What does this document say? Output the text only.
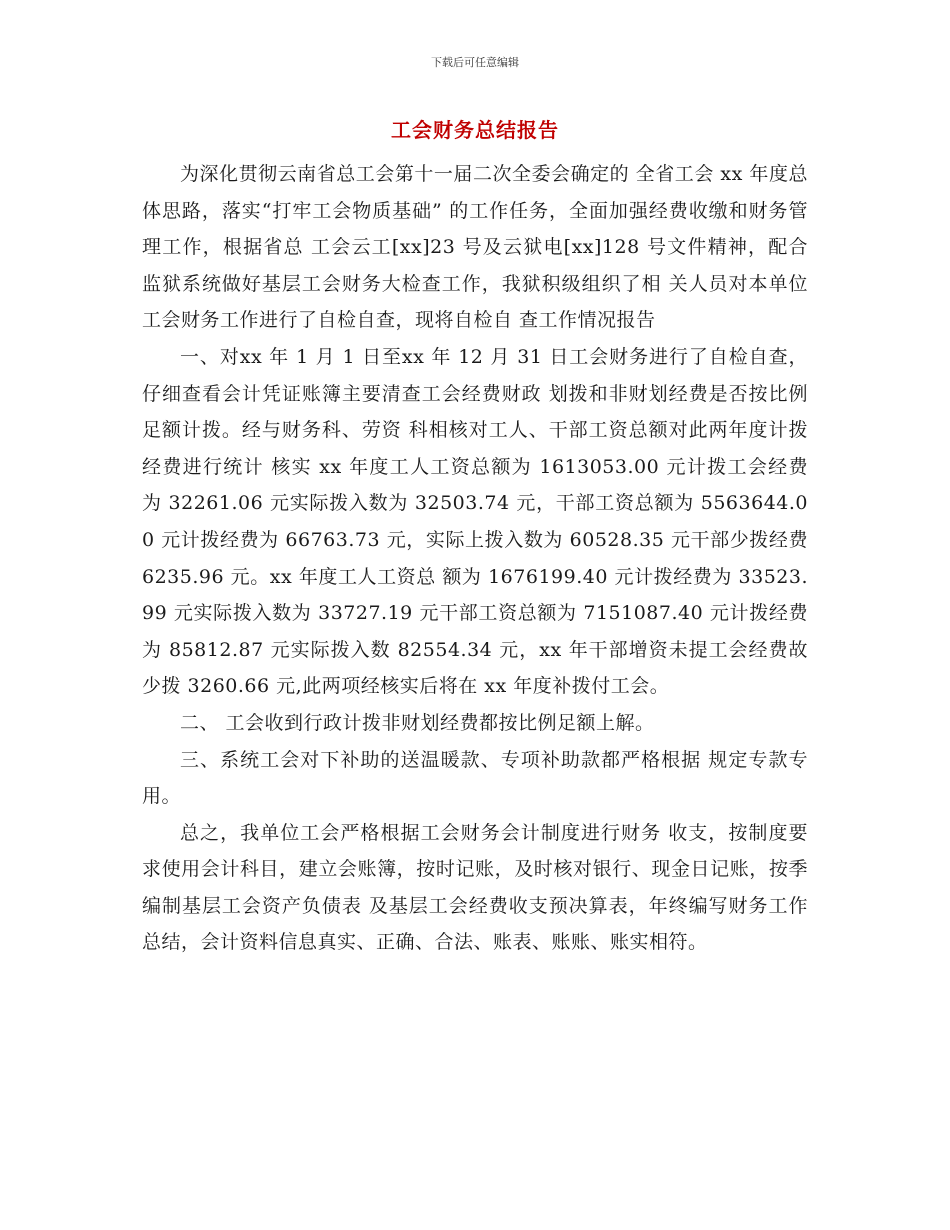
下载后可任意编辑
工会财务总结报告

为深化贯彻云南省总工会第十一届二次全委会确定的 全省工会 xx 年度总体思路，落实“打牢工会物质基础” 的工作任务，全面加强经费收缴和财务管理工作，根据省总 工会云工[xx]23 号及云狱电[xx]128 号文件精神，配合 监狱系统做好基层工会财务大检查工作，我狱积级组织了相 关人员对本单位工会财务工作进行了自检自查，现将自检自 查工作情况报告

一、对xx 年 1 月 1 日至xx 年 12 月 31 日工会财务进行了自检自查，仔细查看会计凭证账簿主要清查工会经费财政 划拨和非财划经费是否按比例足额计拨。经与财务科、劳资 科相核对工人、干部工资总额对此两年度计拨经费进行统计 核实 xx 年度工人工资总额为 1613053.00 元计拨工会经费 为 32261.06 元实际拨入数为 32503.74 元，干部工资总额为 5563644.00 元计拨经费为 66763.73 元，实际上拨入数为 60528.35 元干部少拨经费 6235.96 元。xx 年度工人工资总 额为 1676199.40 元计拨经费为 33523.99 元实际拨入数为 33727.19 元干部工资总额为 7151087.40 元计拨经费为 85812.87 元实际拨入数 82554.34 元，xx 年干部增资未提工会经费故少拨 3260.66 元,此两项经核实后将在 xx 年度补拨付工会。

二、 工会收到行政计拨非财划经费都按比例足额上解。

三、系统工会对下补助的送温暖款、专项补助款都严格根据 规定专款专用。

总之，我单位工会严格根据工会财务会计制度进行财务 收支，按制度要求使用会计科目，建立会账簿，按时记账，及时核对银行、现金日记账，按季编制基层工会资产负债表 及基层工会经费收支预决算表，年终编写财务工作总结，会计资料信息真实、正确、合法、账表、账账、账实相符。
